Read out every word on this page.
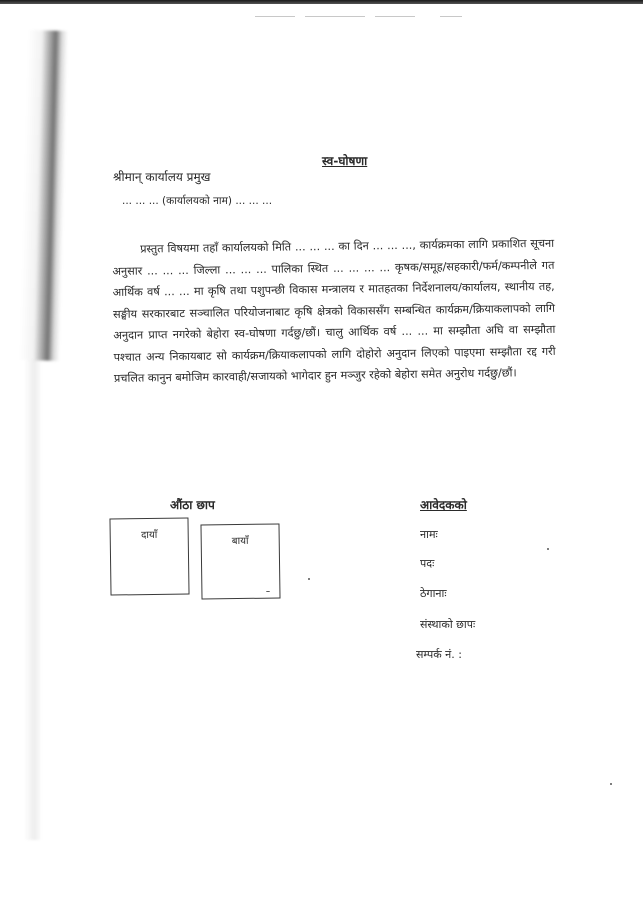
स्व-घोषणा
श्रीमान् कार्यालय प्रमुख
... ... ... (कार्यालयको नाम) ... ... ...
प्रस्तुत विषयमा तहाँ कार्यालयको मिति ... ... ... का दिन ... ... ..., कार्यक्रमका लागि प्रकाशित सूचना अनुसार ... ... ... जिल्ला ... ... ... पालिका स्थित ... ... ... ... कृषक/समूह/सहकारी/फर्म/कम्पनीले गत आर्थिक वर्ष ... ... मा कृषि तथा पशुपन्छी विकास मन्त्रालय र मातहतका निर्देशनालय/कार्यालय, स्थानीय तह, सङ्घीय सरकारबाट सञ्चालित परियोजनाबाट कृषि क्षेत्रको विकाससँग सम्बन्धित कार्यक्रम/क्रियाकलापको लागि अनुदान प्राप्त नगरेको बेहोरा स्व-घोषणा गर्दछु/छौं। चालु आर्थिक वर्ष ... ... मा सम्झौता अघि वा सम्झौता पश्चात अन्य निकायबाट सो कार्यक्रम/क्रियाकलापको लागि दोहोरो अनुदान लिएको पाइएमा सम्झौता रद्द गरी प्रचलित कानुन बमोजिम कारवाही/सजायको भागेदार हुन मञ्जुर रहेको बेहोरा समेत अनुरोध गर्दछु/छौं।
औंठा छाप
दायाँ
बायाँ
आवेदकको
नामः
पदः
ठेगानाः
संस्थाको छापः
सम्पर्क नं. :
